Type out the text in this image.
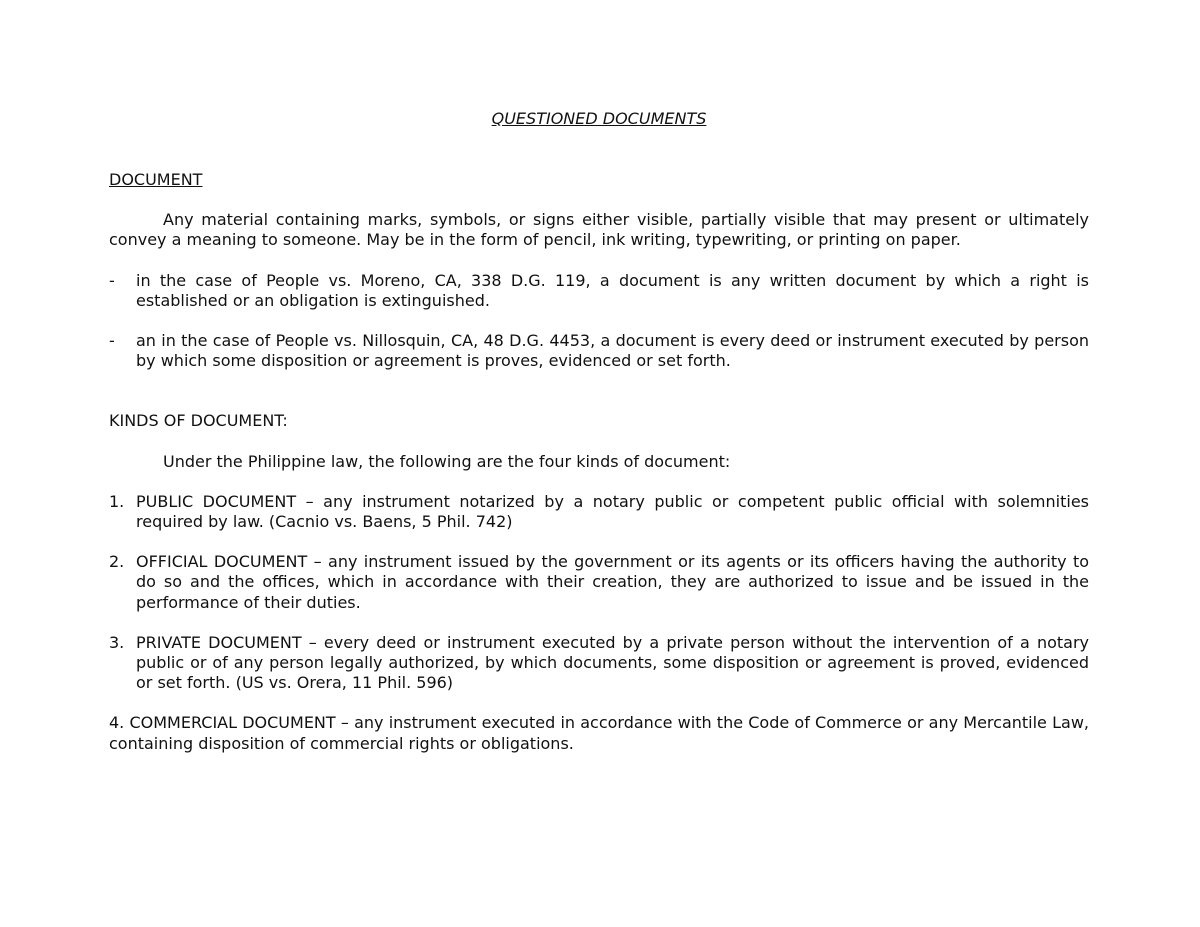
QUESTIONED DOCUMENTS

DOCUMENT

Any material containing marks, symbols, or signs either visible, partially visible that may present or ultimately convey a meaning to someone. May be in the form of pencil, ink writing, typewriting, or printing on paper.

-	in the case of People vs. Moreno, CA, 338 D.G. 119, a document is any written document by which a right is established or an obligation is extinguished.
-	an in the case of People vs. Nillosquin, CA, 48 D.G. 4453, a document is every deed or instrument executed by person by which some disposition or agreement is proves, evidenced or set forth.

KINDS OF DOCUMENT:

Under the Philippine law, the following are the four kinds of document:

1. PUBLIC DOCUMENT – any instrument notarized by a notary public or competent public official with solemnities required by law. (Cacnio vs. Baens, 5 Phil. 742)
2. OFFICIAL DOCUMENT – any instrument issued by the government or its agents or its officers having the authority to do so and the offices, which in accordance with their creation, they are authorized to issue and be issued in the performance of their duties.
3. PRIVATE DOCUMENT – every deed or instrument executed by a private person without the intervention of a notary public or of any person legally authorized, by which documents, some disposition or agreement is proved, evidenced or set forth. (US vs. Orera, 11 Phil. 596)

4. COMMERCIAL DOCUMENT – any instrument executed in accordance with the Code of Commerce or any Mercantile Law, containing disposition of commercial rights or obligations.
